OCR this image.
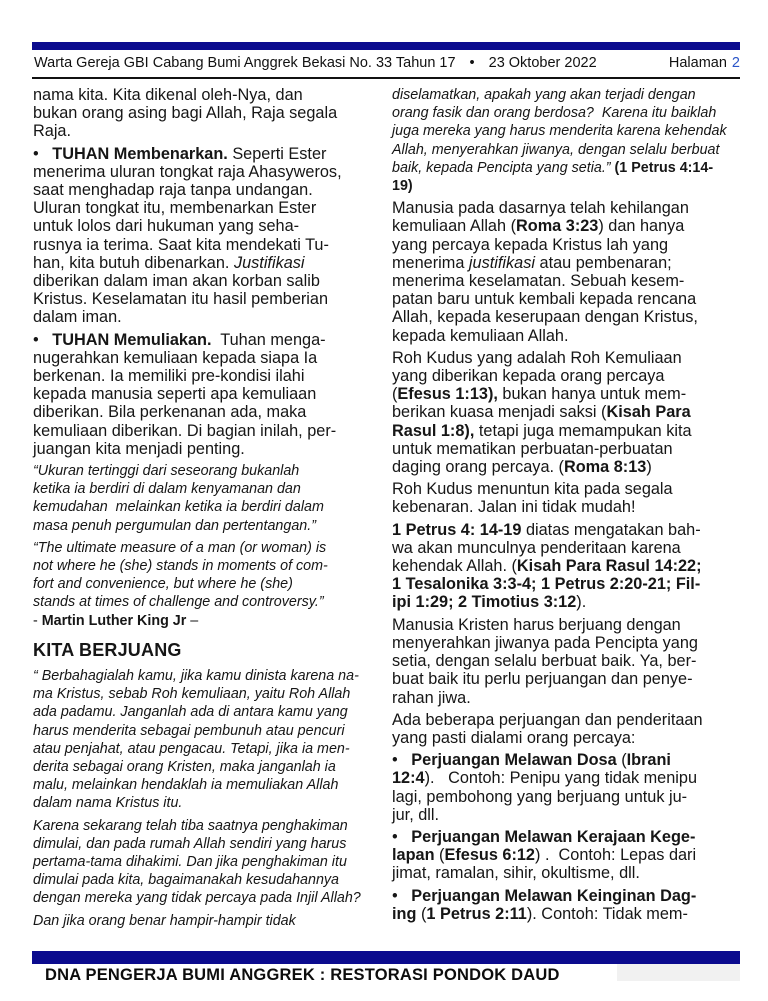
Warta Gereja GBI Cabang Bumi Anggrek Bekasi No. 33 Tahun 17 • 23 Oktober 2022	Halaman 2
nama kita. Kita dikenal oleh-Nya, dan
bukan orang asing bagi Allah, Raja segala
Raja.
•   TUHAN Membenarkan. Seperti Ester
menerima uluran tongkat raja Ahasyweros,
saat menghadap raja tanpa undangan.
Uluran tongkat itu, membenarkan Ester
untuk lolos dari hukuman yang seha-
rusnya ia terima. Saat kita mendekati Tu-
han, kita butuh dibenarkan. Justifikasi
diberikan dalam iman akan korban salib
Kristus. Keselamatan itu hasil pemberian
dalam iman.
•   TUHAN Memuliakan.  Tuhan menga-
nugerahkan kemuliaan kepada siapa Ia
berkenan. Ia memiliki pre-kondisi ilahi
kepada manusia seperti apa kemuliaan
diberikan. Bila perkenanan ada, maka
kemuliaan diberikan. Di bagian inilah, per-
juangan kita menjadi penting.
“Ukuran tertinggi dari seseorang bukanlah
ketika ia berdiri di dalam kenyamanan dan
kemudahan  melainkan ketika ia berdiri dalam
masa penuh pergumulan dan pertentangan.”
“The ultimate measure of a man (or woman) is
not where he (she) stands in moments of com-
fort and convenience, but where he (she)
stands at times of challenge and controversy.”
- Martin Luther King Jr –
KITA BERJUANG
“ Berbahagialah kamu, jika kamu dinista karena na-
ma Kristus, sebab Roh kemuliaan, yaitu Roh Allah
ada padamu. Janganlah ada di antara kamu yang
harus menderita sebagai pembunuh atau pencuri
atau penjahat, atau pengacau. Tetapi, jika ia men-
derita sebagai orang Kristen, maka janganlah ia
malu, melainkan hendaklah ia memuliakan Allah
dalam nama Kristus itu.
Karena sekarang telah tiba saatnya penghakiman
dimulai, dan pada rumah Allah sendiri yang harus
pertama-tama dihakimi. Dan jika penghakiman itu
dimulai pada kita, bagaimanakah kesudahannya
dengan mereka yang tidak percaya pada Injil Allah?
Dan jika orang benar hampir-hampir tidak
diselamatkan, apakah yang akan terjadi dengan
orang fasik dan orang berdosa?  Karena itu baiklah
juga mereka yang harus menderita karena kehendak
Allah, menyerahkan jiwanya, dengan selalu berbuat
baik, kepada Pencipta yang setia.” (1 Petrus 4:14-
19)
Manusia pada dasarnya telah kehilangan
kemuliaan Allah (Roma 3:23) dan hanya
yang percaya kepada Kristus lah yang
menerima justifikasi atau pembenaran;
menerima keselamatan. Sebuah kesem-
patan baru untuk kembali kepada rencana
Allah, kepada keserupaan dengan Kristus,
kepada kemuliaan Allah.
Roh Kudus yang adalah Roh Kemuliaan
yang diberikan kepada orang percaya
(Efesus 1:13), bukan hanya untuk mem-
berikan kuasa menjadi saksi (Kisah Para
Rasul 1:8), tetapi juga memampukan kita
untuk mematikan perbuatan-perbuatan
daging orang percaya. (Roma 8:13)
Roh Kudus menuntun kita pada segala
kebenaran. Jalan ini tidak mudah!
1 Petrus 4: 14-19 diatas mengatakan bah-
wa akan munculnya penderitaan karena
kehendak Allah. (Kisah Para Rasul 14:22;
1 Tesalonika 3:3-4; 1 Petrus 2:20-21; Fil-
ipi 1:29; 2 Timotius 3:12).
Manusia Kristen harus berjuang dengan
menyerahkan jiwanya pada Pencipta yang
setia, dengan selalu berbuat baik. Ya, ber-
buat baik itu perlu perjuangan dan penye-
rahan jiwa.
Ada beberapa perjuangan dan penderitaan
yang pasti dialami orang percaya:
•   Perjuangan Melawan Dosa (Ibrani
12:4).   Contoh: Penipu yang tidak menipu
lagi, pembohong yang berjuang untuk ju-
jur, dll.
•   Perjuangan Melawan Kerajaan Kege-
lapan (Efesus 6:12) .  Contoh: Lepas dari
jimat, ramalan, sihir, okultisme, dll.
•   Perjuangan Melawan Keinginan Dag-
ing (1 Petrus 2:11). Contoh: Tidak mem-
DNA PENGERJA BUMI ANGGREK : RESTORASI PONDOK DAUD
